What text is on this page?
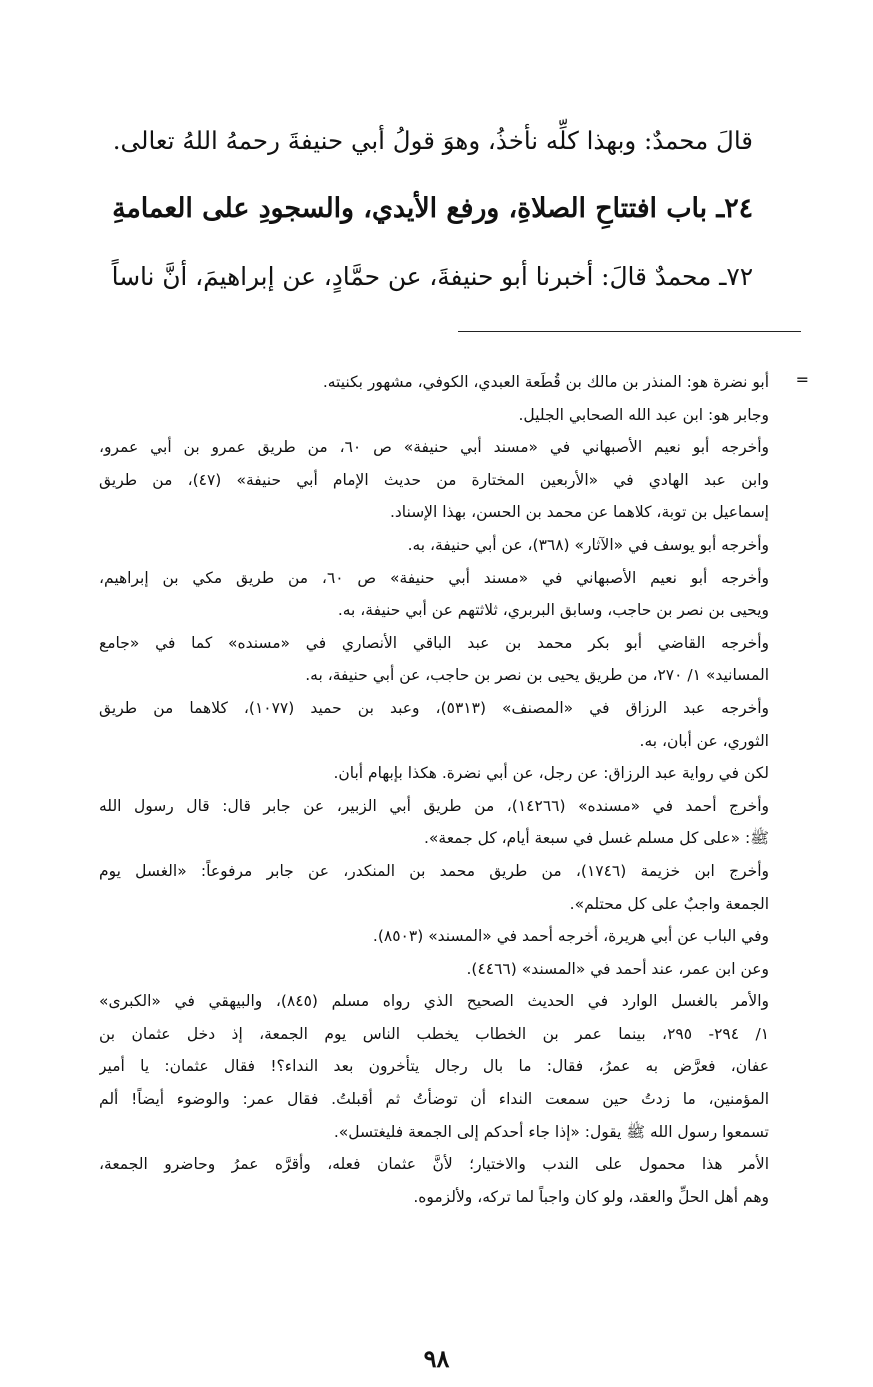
قالَ محمدٌ: وبهذا كلِّه نأخذُ، وهوَ قولُ أبي حنيفةَ رحمهُ اللهُ تعالى.
٢٤ـ باب افتتاحِ الصلاةِ، ورفع الأيدي، والسجودِ على العمامةِ
٧٢ـ محمدٌ قالَ: أخبرنا أبو حنيفةَ، عن حمَّادٍ، عن إبراهيمَ، أنَّ ناساً
=
أبو نضرة هو: المنذر بن مالك بن قُطَعة العبدي، الكوفي، مشهور بكنيته.
وجابر هو: ابن عبد الله الصحابي الجليل.
وأخرجه أبو نعيم الأصبهاني في «مسند أبي حنيفة» ص ٦٠، من طريق عمرو بن أبي عمرو،
وابن عبد الهادي في «الأربعين المختارة من حديث الإمام أبي حنيفة» (٤٧)، من طريق
إسماعيل بن توبة، كلاهما عن محمد بن الحسن، بهذا الإسناد.
وأخرجه أبو يوسف في «الآثار» (٣٦٨)، عن أبي حنيفة، به.
وأخرجه أبو نعيم الأصبهاني في «مسند أبي حنيفة» ص ٦٠، من طريق مكي بن إبراهيم،
ويحيى بن نصر بن حاجب، وسابق البربري، ثلاثتهم عن أبي حنيفة، به.
وأخرجه القاضي أبو بكر محمد بن عبد الباقي الأنصاري في «مسنده» كما في «جامع
المسانيد» ١/ ٢٧٠، من طريق يحيى بن نصر بن حاجب، عن أبي حنيفة، به.
وأخرجه عبد الرزاق في «المصنف» (٥٣١٣)، وعبد بن حميد (١٠٧٧)، كلاهما من طريق
الثوري، عن أبان، به.
لكن في رواية عبد الرزاق: عن رجل، عن أبي نضرة. هكذا بإبهام أبان.
وأخرج أحمد في «مسنده» (١٤٢٦٦)، من طريق أبي الزبير، عن جابر قال: قال رسول الله
ﷺ: «على كل مسلم غسل في سبعة أيام، كل جمعة».
وأخرج ابن خزيمة (١٧٤٦)، من طريق محمد بن المنكدر، عن جابر مرفوعاً: «الغسل يوم
الجمعة واجبٌ على كل محتلم».
وفي الباب عن أبي هريرة، أخرجه أحمد في «المسند» (٨٥٠٣).
وعن ابن عمر، عند أحمد في «المسند» (٤٤٦٦).
والأمر بالغسل الوارد في الحديث الصحيح الذي رواه مسلم (٨٤٥)، والبيهقي في «الكبرى»
١/ ٢٩٤- ٢٩٥، بينما عمر بن الخطاب يخطب الناس يوم الجمعة، إذ دخل عثمان بن
عفان، فعرَّض به عمرُ، فقال: ما بال رجال يتأخرون بعد النداء؟! فقال عثمان: يا أمير
المؤمنين، ما زدتُ حين سمعت النداء أن توضأتُ ثم أقبلتُ. فقال عمر: والوضوء أيضاً! ألم
تسمعوا رسول الله ﷺ يقول: «إذا جاء أحدكم إلى الجمعة فليغتسل».
الأمر هذا محمول على الندب والاختيار؛ لأنَّ عثمان فعله، وأقرَّه عمرُ وحاضرو الجمعة،
وهم أهل الحلِّ والعقد، ولو كان واجباً لما تركه، ولألزموه.
٩٨
